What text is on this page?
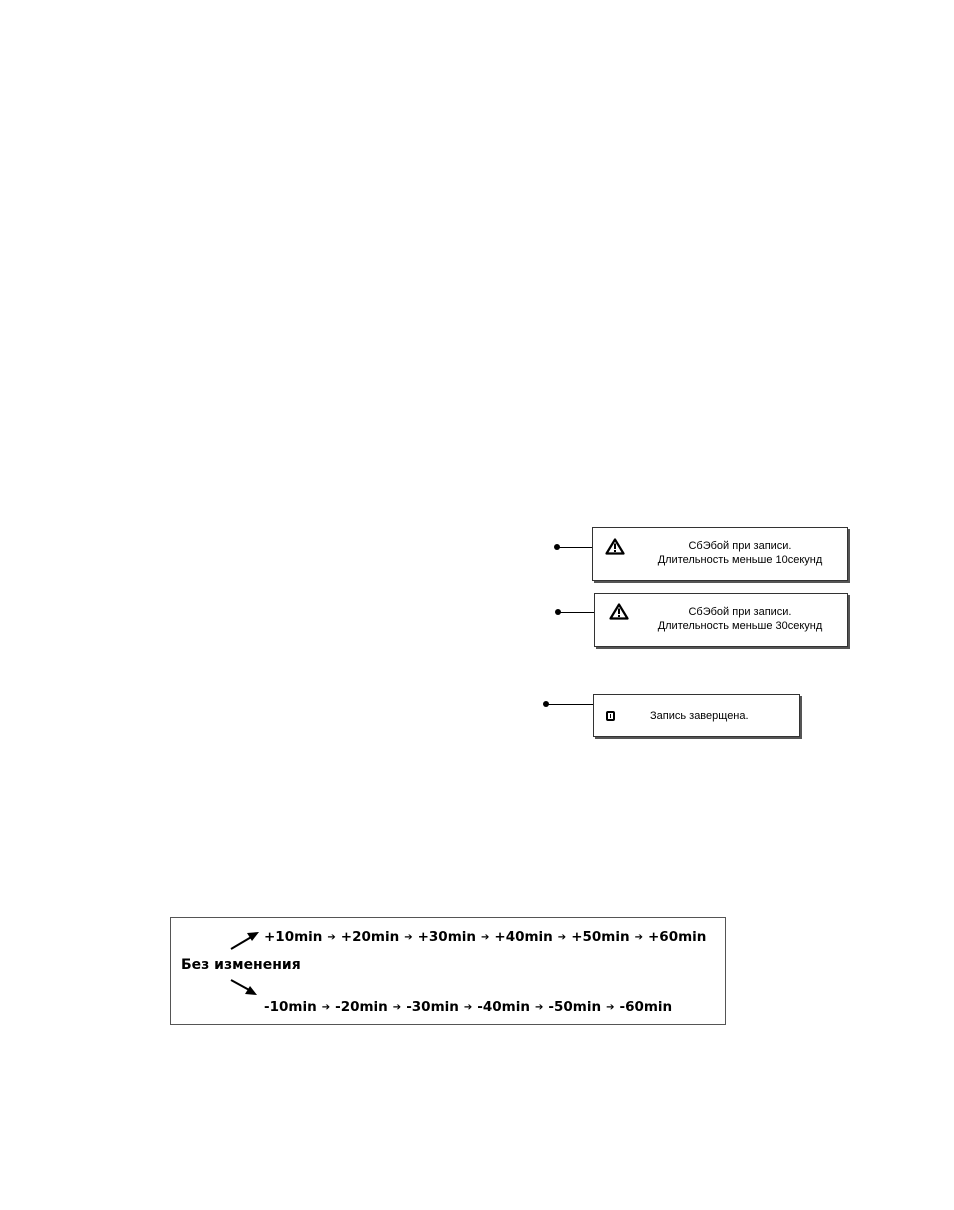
СбЭбой при записи.
Длительность меньше 10секунд
СбЭбой при записи.
Длительность меньше 30секунд
Запись заверщена.
+10min ➔ +20min ➔ +30min ➔ +40min ➔ +50min ➔ +60min
Без изменения
-10min ➔ -20min ➔ -30min ➔ -40min ➔ -50min ➔ -60min
